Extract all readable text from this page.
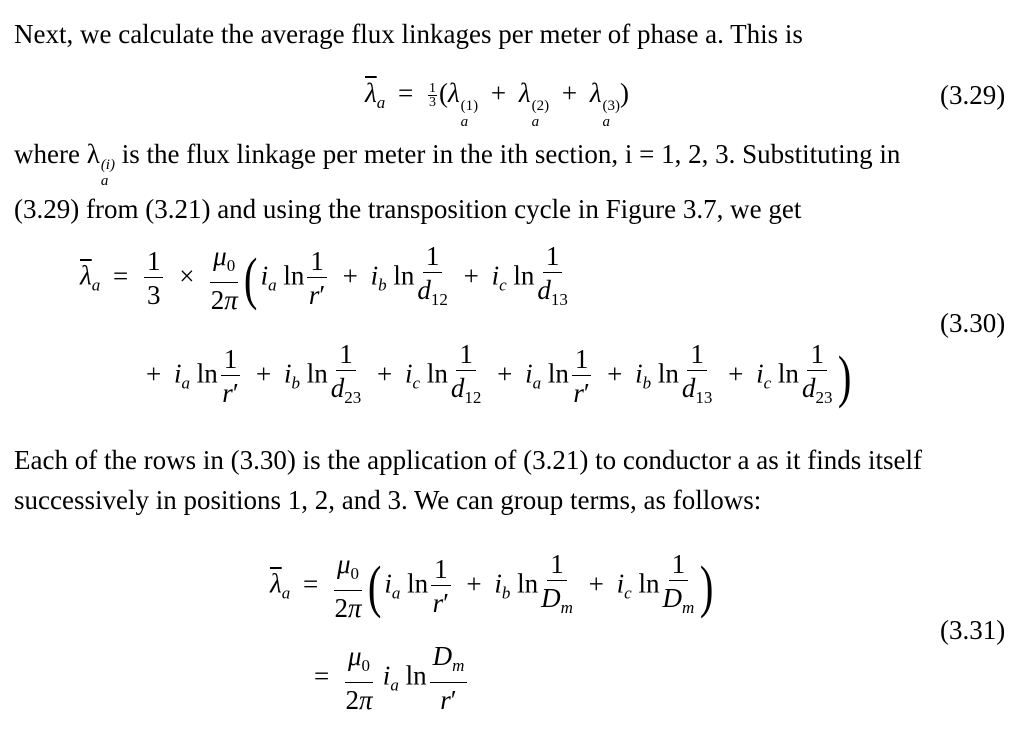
Next, we calculate the average flux linkages per meter of phase a. This is
$\overline{\lambda}_a = \frac{1}{3} (\lambda$ (1)
a
+ λ (2)
a
+ λ (3)
a
)	(3.29)
where λ (i)
a
is the flux linkage per meter in the ith section, i = 1, 2, 3. Substituting in
(3.29) from (3.21) and using the transposition cycle in Figure 3.7, we get
$\overline{\lambda}_a = \frac{1}{3} \times \frac{\mu_0}{2\pi}$ ( $i_a$ $\ln \frac{1}{r'} + i_b$ $\ln \frac{1}{d_{12}} + i_c$ $\ln \frac{1}{d_{13}}$
+ $i_a$ $\ln \frac{1}{r'} + i_b$ $\ln \frac{1}{d_{23}} + i_c$ $\ln \frac{1}{d_{12}} + i_a$ $\ln \frac{1}{r'} + i_b$ $\ln \frac{1}{d_{13}} + i_c$ $\ln \frac{1}{d_{23}}$ )
(3.30)
Each of the rows in (3.30) is the application of (3.21) to conductor a as it finds itself
successively in positions 1, 2, and 3. We can group terms, as follows:
$\overline{\lambda}_a = \frac{\mu_0}{2\pi}$ ( $i_a$ $\ln \frac{1}{r'} + i_b$ $\ln \frac{1}{D_m} + i_c$ $\ln \frac{1}{D_m}$ )
= $\frac{\mu_0}{2\pi} i_a$ $\ln \frac{D_m}{r'}$
(3.31)
